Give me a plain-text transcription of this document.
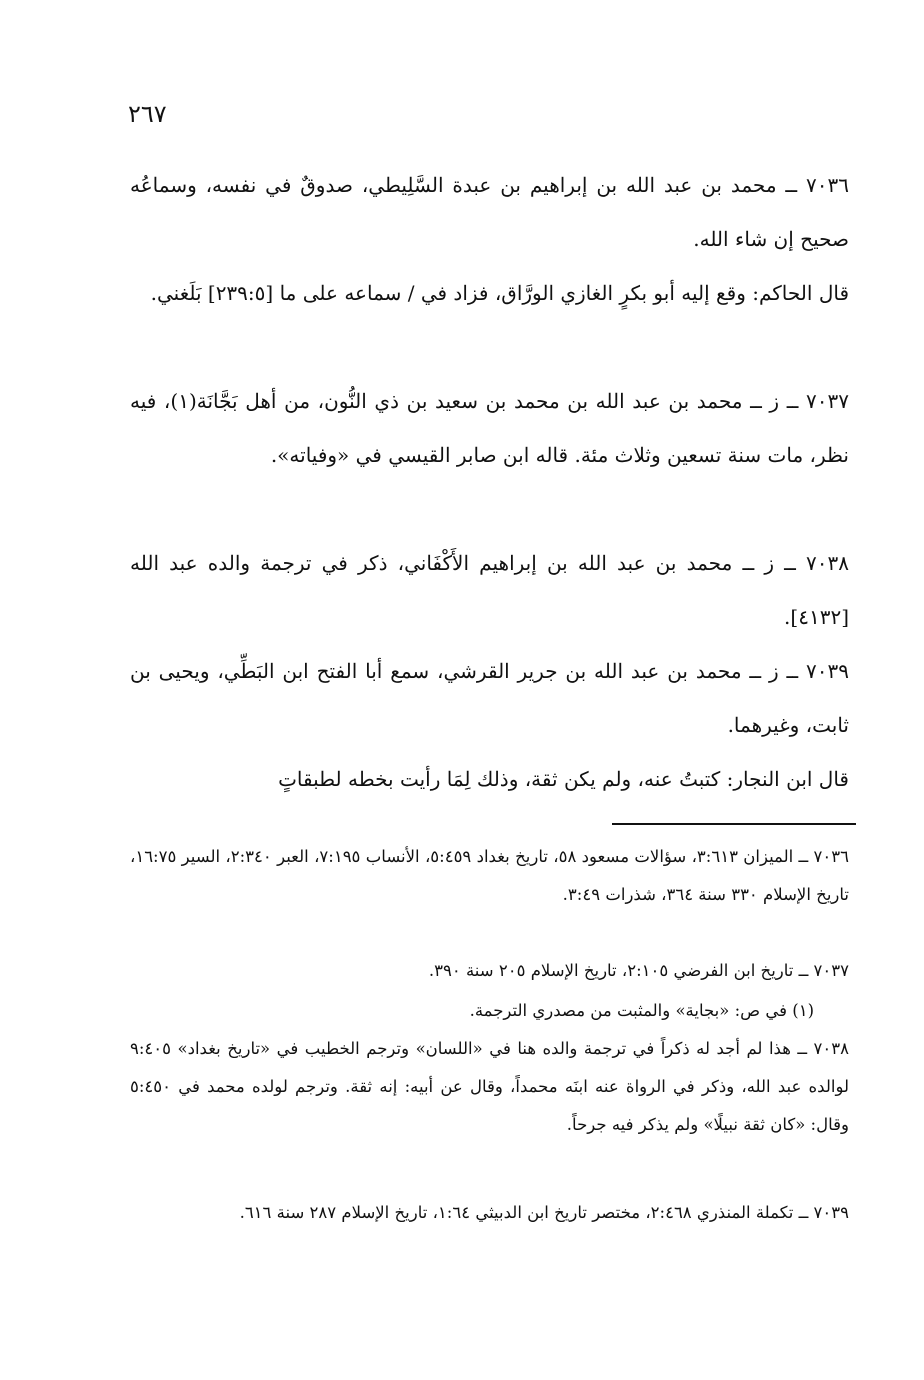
٢٦٧

٧٠٣٦ ــ محمد بن عبد الله بن إبراهيم بن عبدة السَّلِيطي، صدوقٌ في نفسه، وسماعُه صحيح إن شاء الله.

قال الحاكم: وقع إليه أبو بكرٍ الغازي الورَّاق، فزاد في / سماعه على ما [٢٣٩:٥] بَلَغني.

٧٠٣٧ ــ ز ــ محمد بن عبد الله بن محمد بن سعيد بن ذي النُّون، من أهل بَجَّانَة(١)، فيه نظر، مات سنة تسعين وثلاث مئة. قاله ابن صابر القيسي في «وفياته».

٧٠٣٨ ــ ز ــ محمد بن عبد الله بن إبراهيم الأَكْفَاني، ذكر في ترجمة والده عبد الله [٤١٣٢].

٧٠٣٩ ــ ز ــ محمد بن عبد الله بن جرير القرشي، سمع أبا الفتح ابن البَطِّي، ويحيى بن ثابت، وغيرهما.

قال ابن النجار: كتبتُ عنه، ولم يكن ثقة، وذلك لِمَا رأيت بخطه لطبقاتٍ

٧٠٣٦ ــ الميزان ٣:٦١٣، سؤالات مسعود ٥٨، تاريخ بغداد ٥:٤٥٩، الأنساب ٧:١٩٥، العبر ٢:٣٤٠، السير ١٦:٧٥، تاريخ الإسلام ٣٣٠ سنة ٣٦٤، شذرات ٣:٤٩.

٧٠٣٧ ــ تاريخ ابن الفرضي ٢:١٠٥، تاريخ الإسلام ٢٠٥ سنة ٣٩٠.

(١) في ص: «بجاية» والمثبت من مصدري الترجمة.

٧٠٣٨ ــ هذا لم أجد له ذكراً في ترجمة والده هنا في «اللسان» وترجم الخطيب في «تاريخ بغداد» ٩:٤٠٥ لوالده عبد الله، وذكر في الرواة عنه ابنَه محمداً، وقال عن أبيه: إنه ثقة. وترجم لولده محمد في ٥:٤٥٠ وقال: «كان ثقة نبيلًا» ولم يذكر فيه جرحاً.

٧٠٣٩ ــ تكملة المنذري ٢:٤٦٨، مختصر تاريخ ابن الدبيثي ١:٦٤، تاريخ الإسلام ٢٨٧ سنة ٦١٦.
